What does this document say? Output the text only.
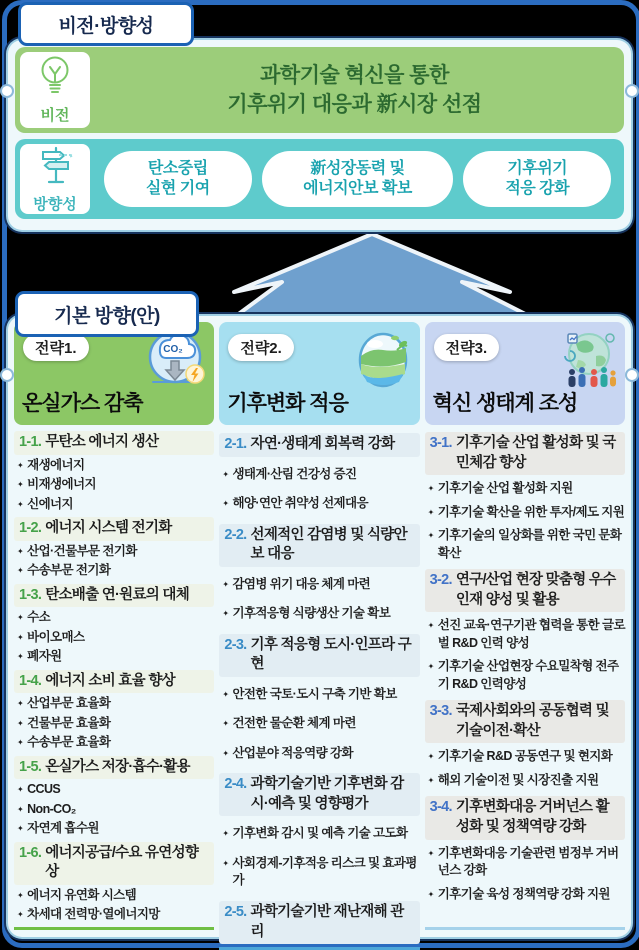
비전·방향성
비전
과학기술 혁신을 통한
기후위기 대응과 新시장 선점
방향성
탄소중립
실현 기여
新성장동력 및
에너지안보 확보
기후위기
적응 강화
기본 방향(안)
전략1.	CO₂
온실가스 감축
1-1. 무탄소 에너지 생산
✦ 재생에너지
✦ 비재생에너지
✦ 신에너지
1-2. 에너지 시스템 전기화
✦ 산업·건물부문 전기화
✦ 수송부문 전기화
1-3. 탄소배출 연·원료의 대체
✦ 수소
✦ 바이오매스
✦ 폐자원
1-4. 에너지 소비 효율 향상
✦ 산업부문 효율화
✦ 건물부문 효율화
✦ 수송부문 효율화
1-5. 온실가스 저장·흡수·활용
✦ CCUS
✦ Non-CO₂
✦ 자연계 흡수원
1-6. 에너지공급/수요 유연성향상
✦ 에너지 유연화 시스템
✦ 차세대 전력망·열에너지망
전략2.
기후변화 적응
2-1. 자연·생태계 회복력 강화
✦ 생태계·산림 건강성 증진
✦ 해양·연안 취약성 선제대응
2-2. 선제적인 감염병 및 식량안보 대응
✦ 감염병 위기 대응 체계 마련
✦ 기후적응형 식량생산 기술 확보
2-3. 기후 적응형 도시·인프라 구현
✦ 안전한 국토·도시 구축 기반 확보
✦ 건전한 물순환 체계 마련
✦ 산업분야 적응역량 강화
2-4. 과학기술기반 기후변화 감시·예측 및 영향평가
✦ 기후변화 감시 및 예측 기술 고도화
✦ 사회경제-기후적응 리스크 및 효과평가
2-5. 과학기술기반 재난재해 관리
전략3.
혁신 생태계 조성
3-1. 기후기술 산업 활성화 및 국민체감 향상
✦ 기후기술 산업 활성화 지원
✦ 기후기술 확산을 위한 투자/제도 지원
✦ 기후기술의 일상화를 위한 국민 문화 확산
3-2. 연구/산업 현장 맞춤형 우수 인재 양성 및 활용
✦ 선진 교육·연구기관 협력을 통한 글로벌 R&D 인력 양성
✦ 기후기술 산업현장 수요밀착형 전주기 R&D 인력양성
3-3. 국제사회와의 공동협력 및 기술이전·확산
✦ 기후기술 R&D 공동연구 및 현지화
✦ 해외 기술이전 및 시장진출 지원
3-4. 기후변화대응 거버넌스 활성화 및 정책역량 강화
✦ 기후변화대응 기술관련 범정부 거버넌스 강화
✦ 기후기술 육성 정책역량 강화 지원
